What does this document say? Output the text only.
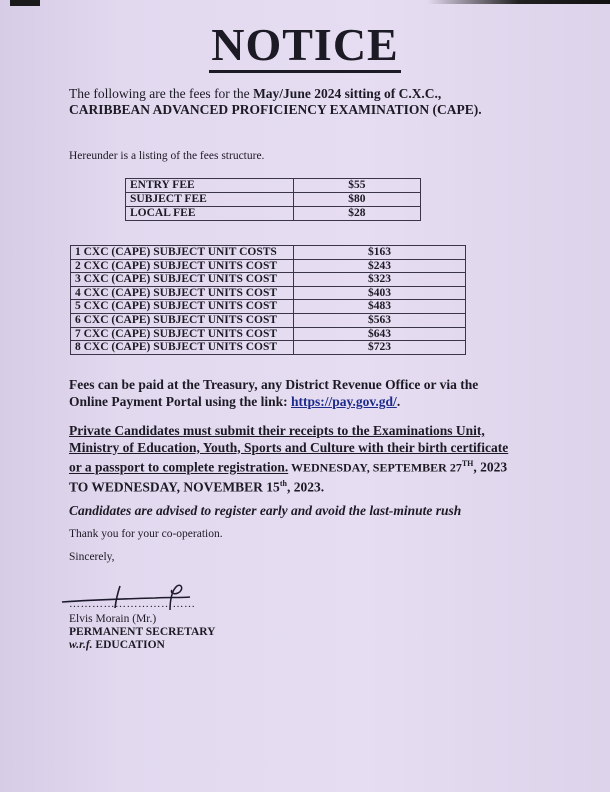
NOTICE
The following are the fees for the May/June 2024 sitting of C.X.C., CARIBBEAN ADVANCED PROFICIENCY EXAMINATION (CAPE).
Hereunder is a listing of the fees structure.
ENTRY FEE	$55
SUBJECT FEE	$80
LOCAL FEE	$28
1 CXC (CAPE) SUBJECT UNIT COSTS	$163
2 CXC (CAPE) SUBJECT UNITS COST	$243
3 CXC (CAPE) SUBJECT UNITS COST	$323
4 CXC (CAPE) SUBJECT UNITS COST	$403
5 CXC (CAPE) SUBJECT UNITS COST	$483
6 CXC (CAPE) SUBJECT UNITS COST	$563
7 CXC (CAPE) SUBJECT UNITS COST	$643
8 CXC (CAPE) SUBJECT UNITS COST	$723
Fees can be paid at the Treasury, any District Revenue Office or via the Online Payment Portal using the link: https://pay.gov.gd/.
Private Candidates must submit their receipts to the Examinations Unit, Ministry of Education, Youth, Sports and Culture with their birth certificate or a passport to complete registration. WEDNESDAY, SEPTEMBER 27TH, 2023 TO WEDNESDAY, NOVEMBER 15th, 2023.
Candidates are advised to register early and avoid the last-minute rush
Thank you for your co-operation.
Sincerely,
……………………………
Elvis Morain (Mr.)
PERMANENT SECRETARY
w.r.f. EDUCATION
